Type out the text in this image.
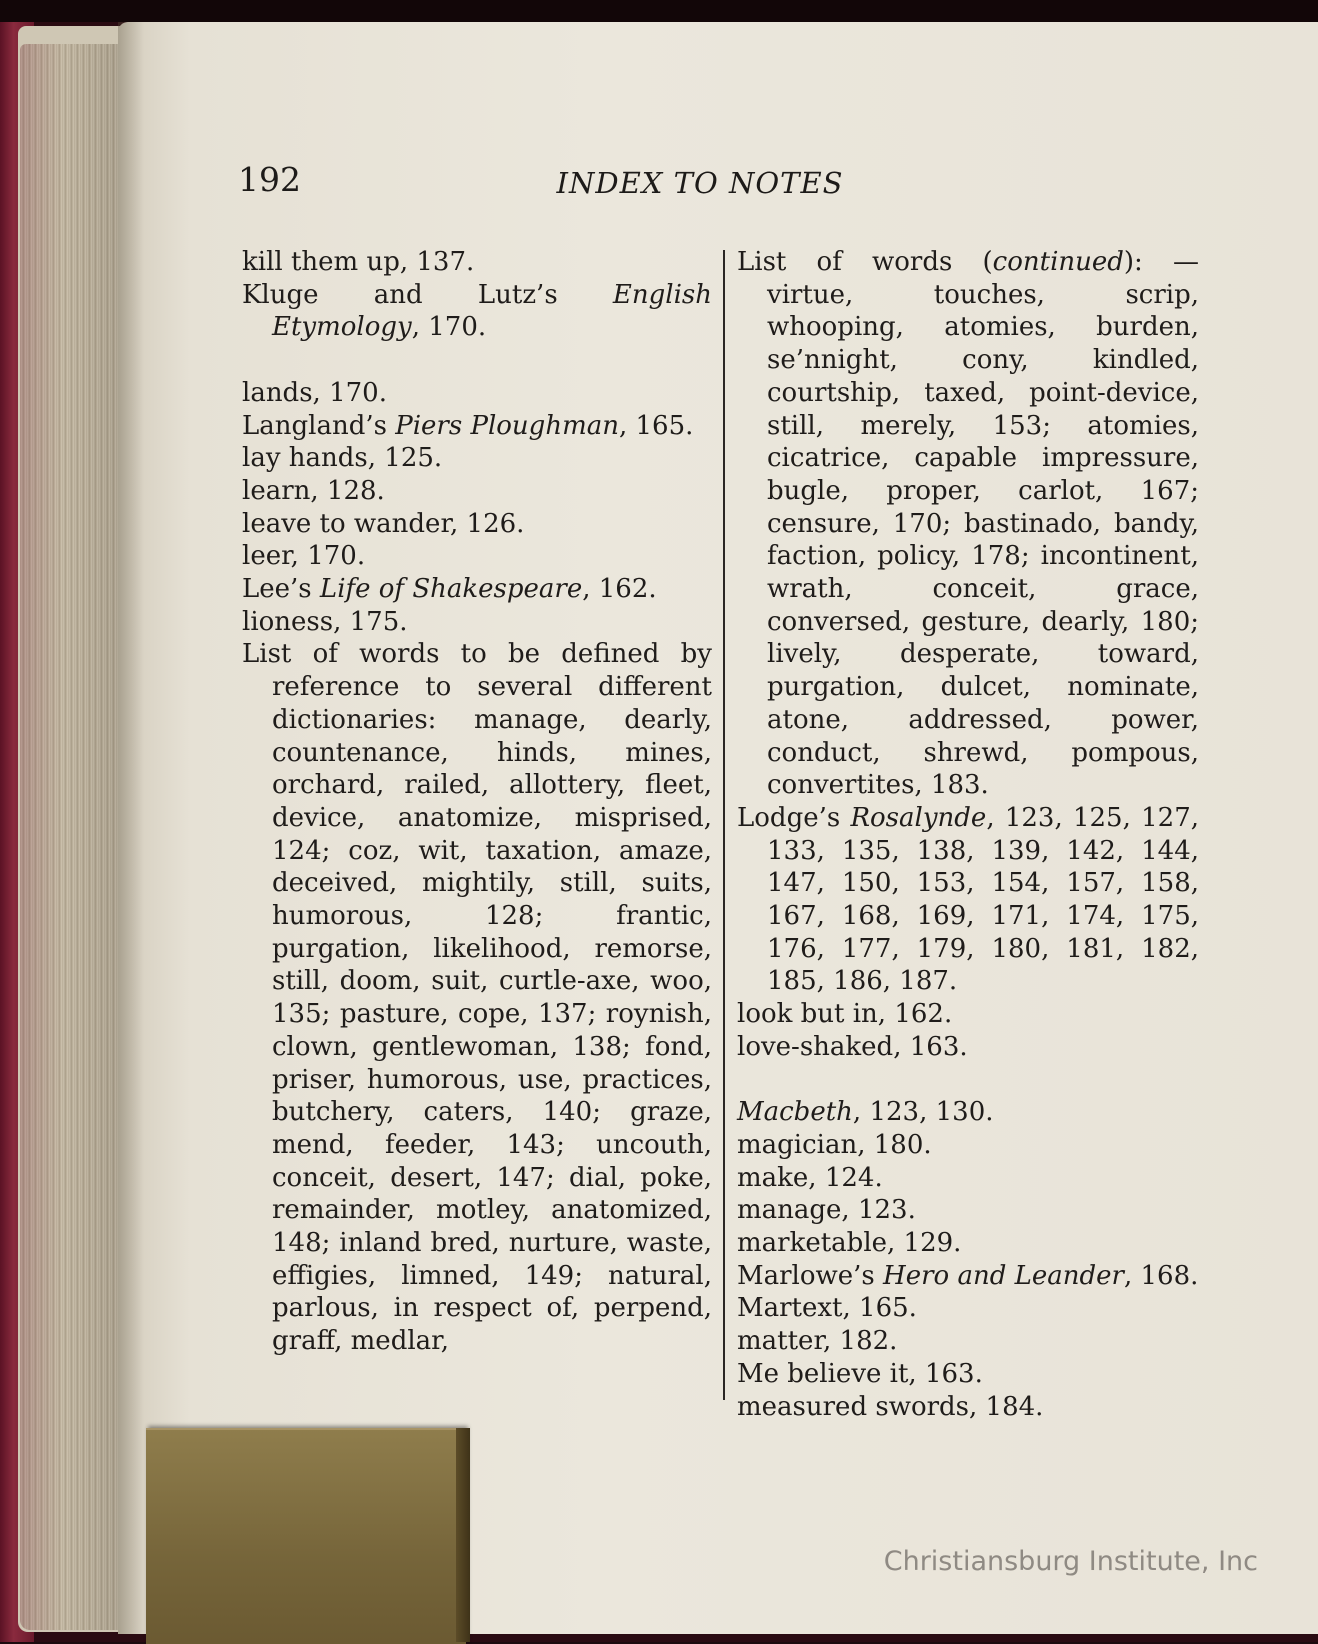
192	INDEX TO NOTES

kill them up, 137.

Kluge and Lutz’s English Etymology, 170.

lands, 170.

Langland’s Piers Ploughman, 165.

lay hands, 125.

learn, 128.

leave to wander, 126.

leer, 170.

Lee’s Life of Shakespeare, 162.

lioness, 175.

List of words to be defined by reference to several different dictionaries: manage, dearly, countenance, hinds, mines, orchard, railed, allottery, fleet, device, anatomize, misprised, 124; coz, wit, taxation, amaze, deceived, mightily, still, suits, humorous, 128; frantic, purgation, likelihood, remorse, still, doom, suit, curtle-axe, woo, 135; pasture, cope, 137; roynish, clown, gentlewoman, 138; fond, priser, humorous, use, practices, butchery, caters, 140; graze, mend, feeder, 143; uncouth, conceit, desert, 147; dial, poke, remainder, motley, anatomized, 148; inland bred, nurture, waste, effigies, limned, 149; natural, parlous, in respect of, perpend, graff, medlar,

List of words (continued): — virtue, touches, scrip, whooping, atomies, burden, se’nnight, cony, kindled, courtship, taxed, point-device, still, merely, 153; atomies, cicatrice, capable impressure, bugle, proper, carlot, 167; censure, 170; bastinado, bandy, faction, policy, 178; incontinent, wrath, conceit, grace, conversed, gesture, dearly, 180; lively, desperate, toward, purgation, dulcet, nominate, atone, addressed, power, conduct, shrewd, pompous, convertites, 183.

Lodge’s Rosalynde, 123, 125, 127, 133, 135, 138, 139, 142, 144, 147, 150, 153, 154, 157, 158, 167, 168, 169, 171, 174, 175, 176, 177, 179, 180, 181, 182, 185, 186, 187.

look but in, 162.

love-shaked, 163.

Macbeth, 123, 130.

magician, 180.

make, 124.

manage, 123.

marketable, 129.

Marlowe’s Hero and Leander, 168.

Martext, 165.

matter, 182.

Me believe it, 163.

measured swords, 184.

Christiansburg Institute, Inc
